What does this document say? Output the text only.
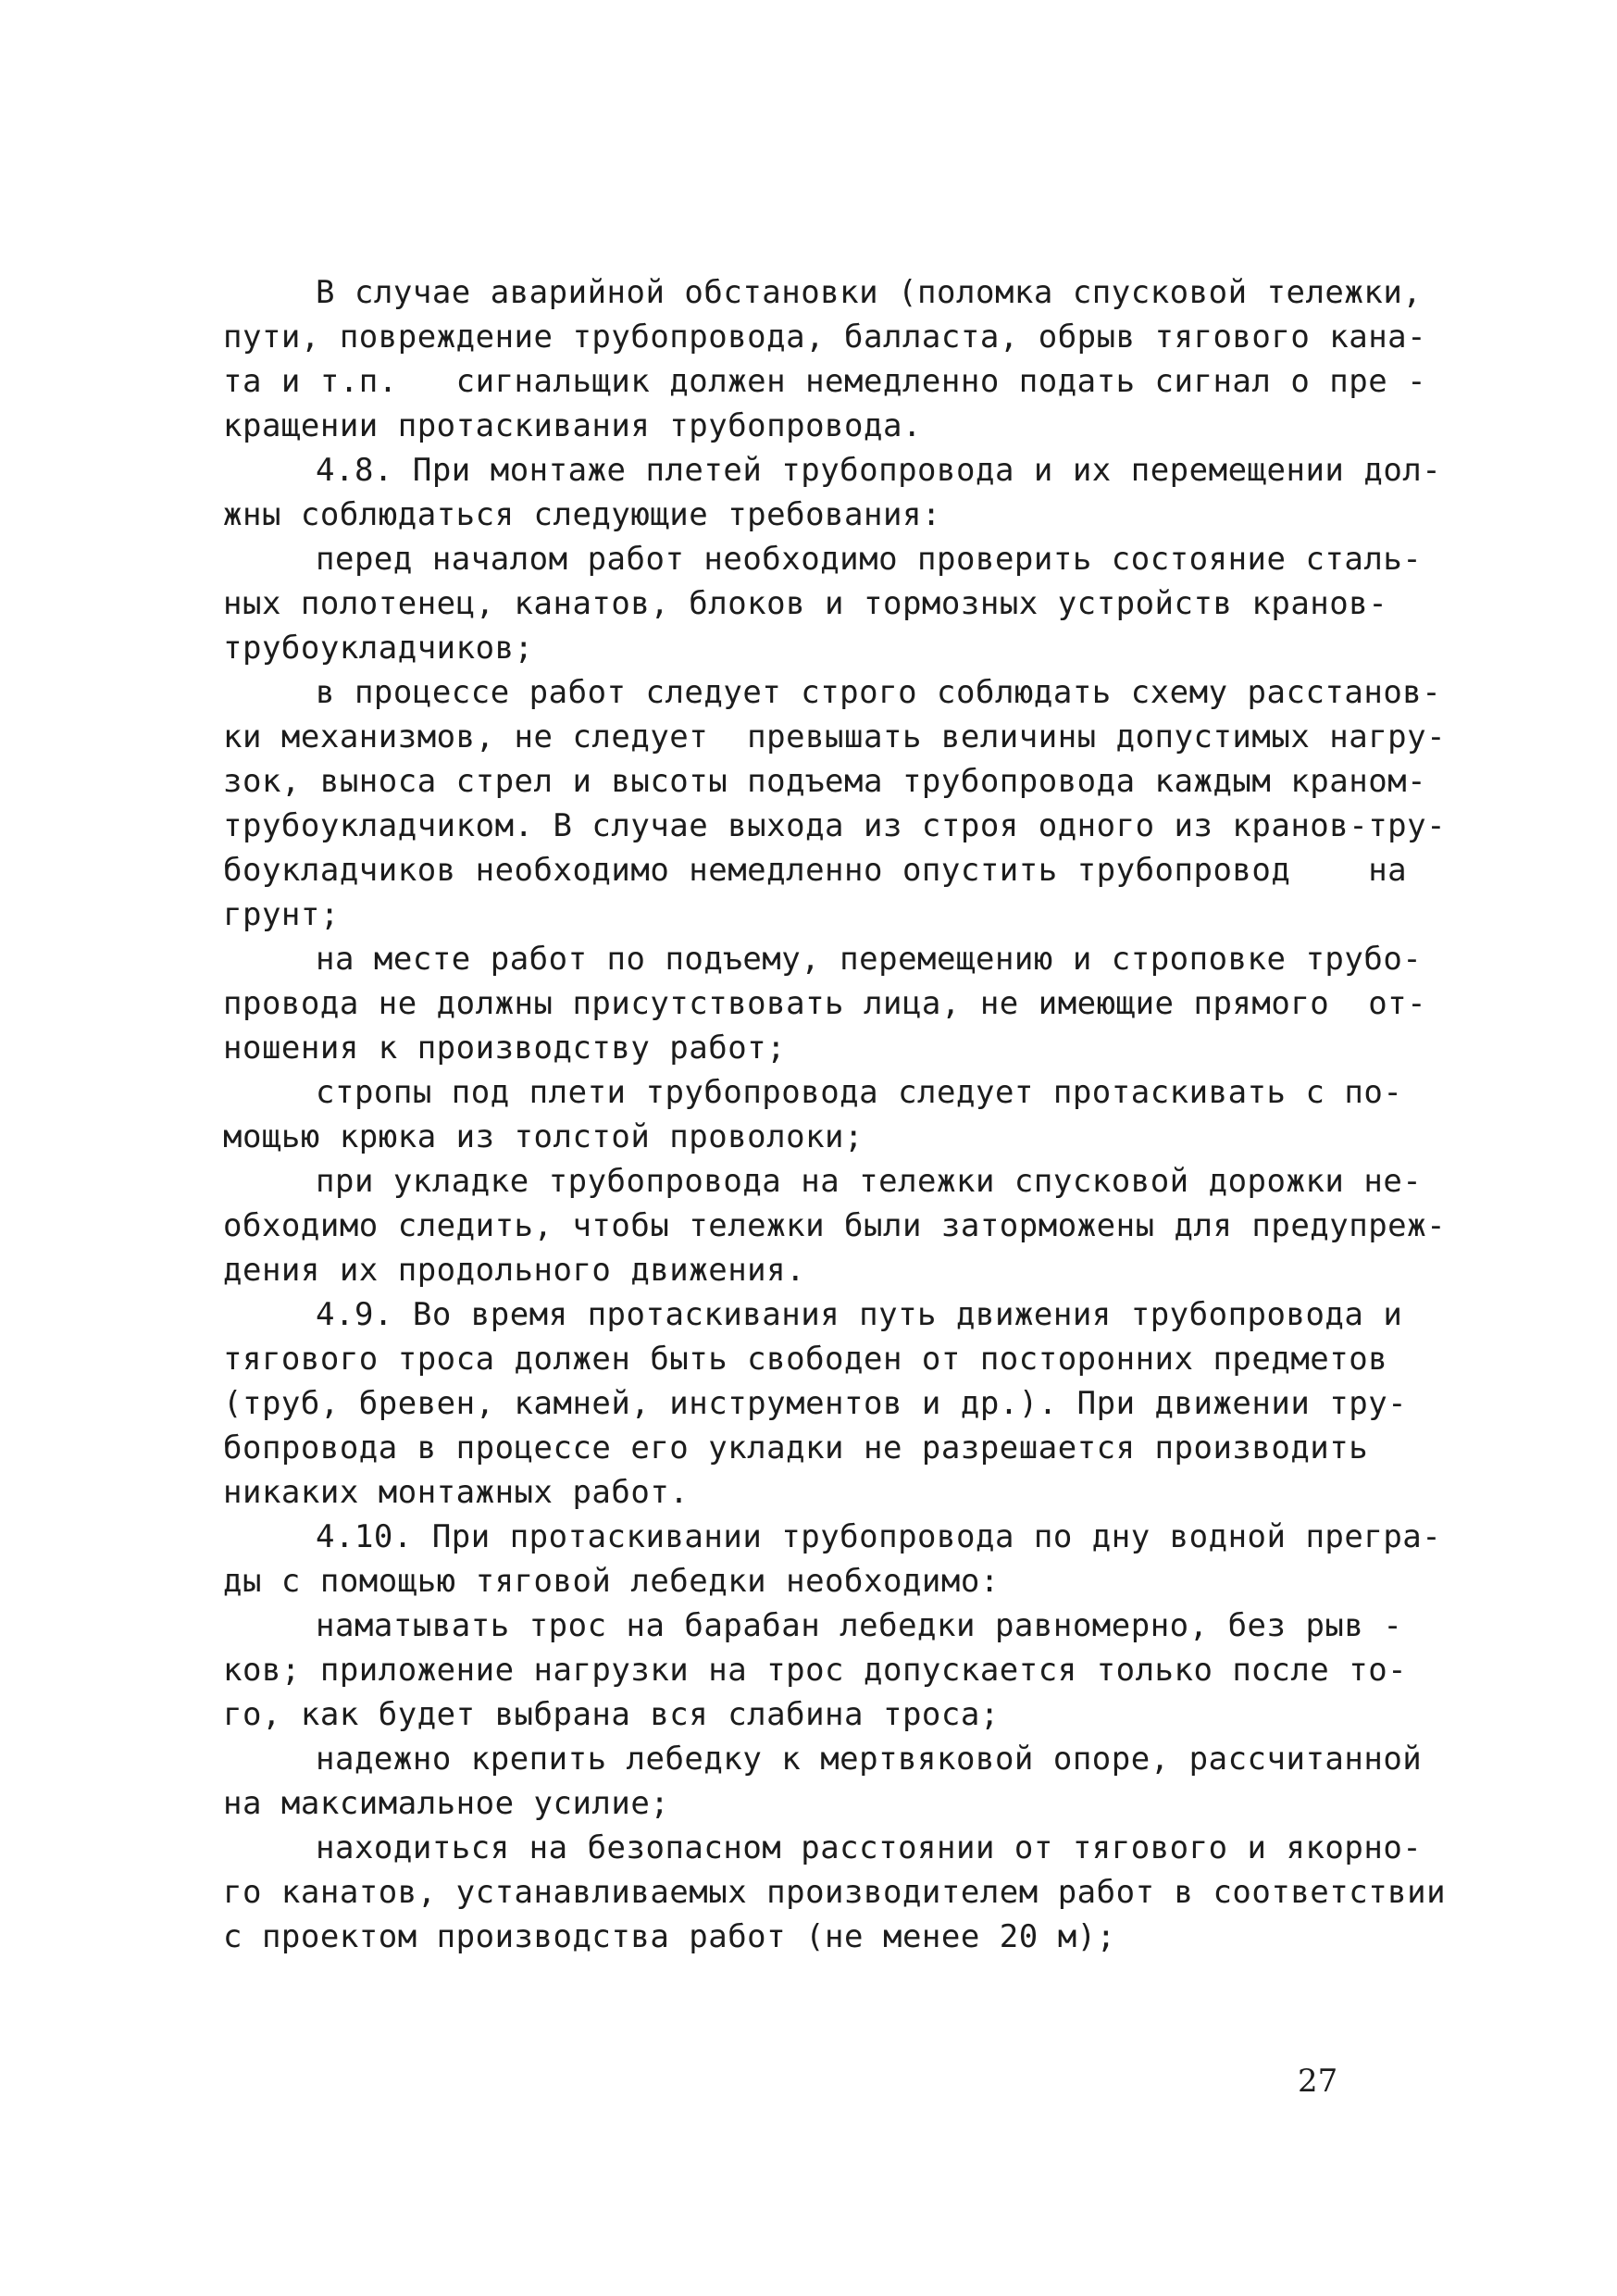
В случае аварийной обстановки (поломка спусковой тележки,

пути, повреждение трубопровода, балласта, обрыв тягового кана-

та и т.п.   сигнальщик должен немедленно подать сигнал о пре -

кращении протаскивания трубопровода.

4.8. При монтаже плетей трубопровода и их перемещении дол-

жны соблюдаться следующие требования:

перед началом работ необходимо проверить состояние сталь-

ных полотенец, канатов, блоков и тормозных устройств кранов-

трубоукладчиков;

в процессе работ следует строго соблюдать схему расстанов-

ки механизмов, не следует  превышать величины допустимых нагру-

зок, выноса стрел и высоты подъема трубопровода каждым краном-

трубоукладчиком. В случае выхода из строя одного из кранов-тру-

боукладчиков необходимо немедленно опустить трубопровод    на

грунт;

на месте работ по подъему, перемещению и строповке трубо-

провода не должны присутствовать лица, не имеющие прямого  от-

ношения к производству работ;

стропы под плети трубопровода следует протаскивать с по-

мощью крюка из толстой проволоки;

при укладке трубопровода на тележки спусковой дорожки не-

обходимо следить, чтобы тележки были заторможены для предупреж-

дения их продольного движения.

4.9. Во время протаскивания путь движения трубопровода и

тягового троса должен быть свободен от посторонних предметов

(труб, бревен, камней, инструментов и др.). При движении тру-

бопровода в процессе его укладки не разрешается производить

никаких монтажных работ.

4.10. При протаскивании трубопровода по дну водной прегра-

ды с помощью тяговой лебедки необходимо:

наматывать трос на барабан лебедки равномерно, без рыв -

ков; приложение нагрузки на трос допускается только после то-

го, как будет выбрана вся слабина троса;

надежно крепить лебедку к мертвяковой опоре, рассчитанной

на максимальное усилие;

находиться на безопасном расстоянии от тягового и якорно-

го канатов, устанавливаемых производителем работ в соответствии

с проектом производства работ (не менее 20 м);

27
